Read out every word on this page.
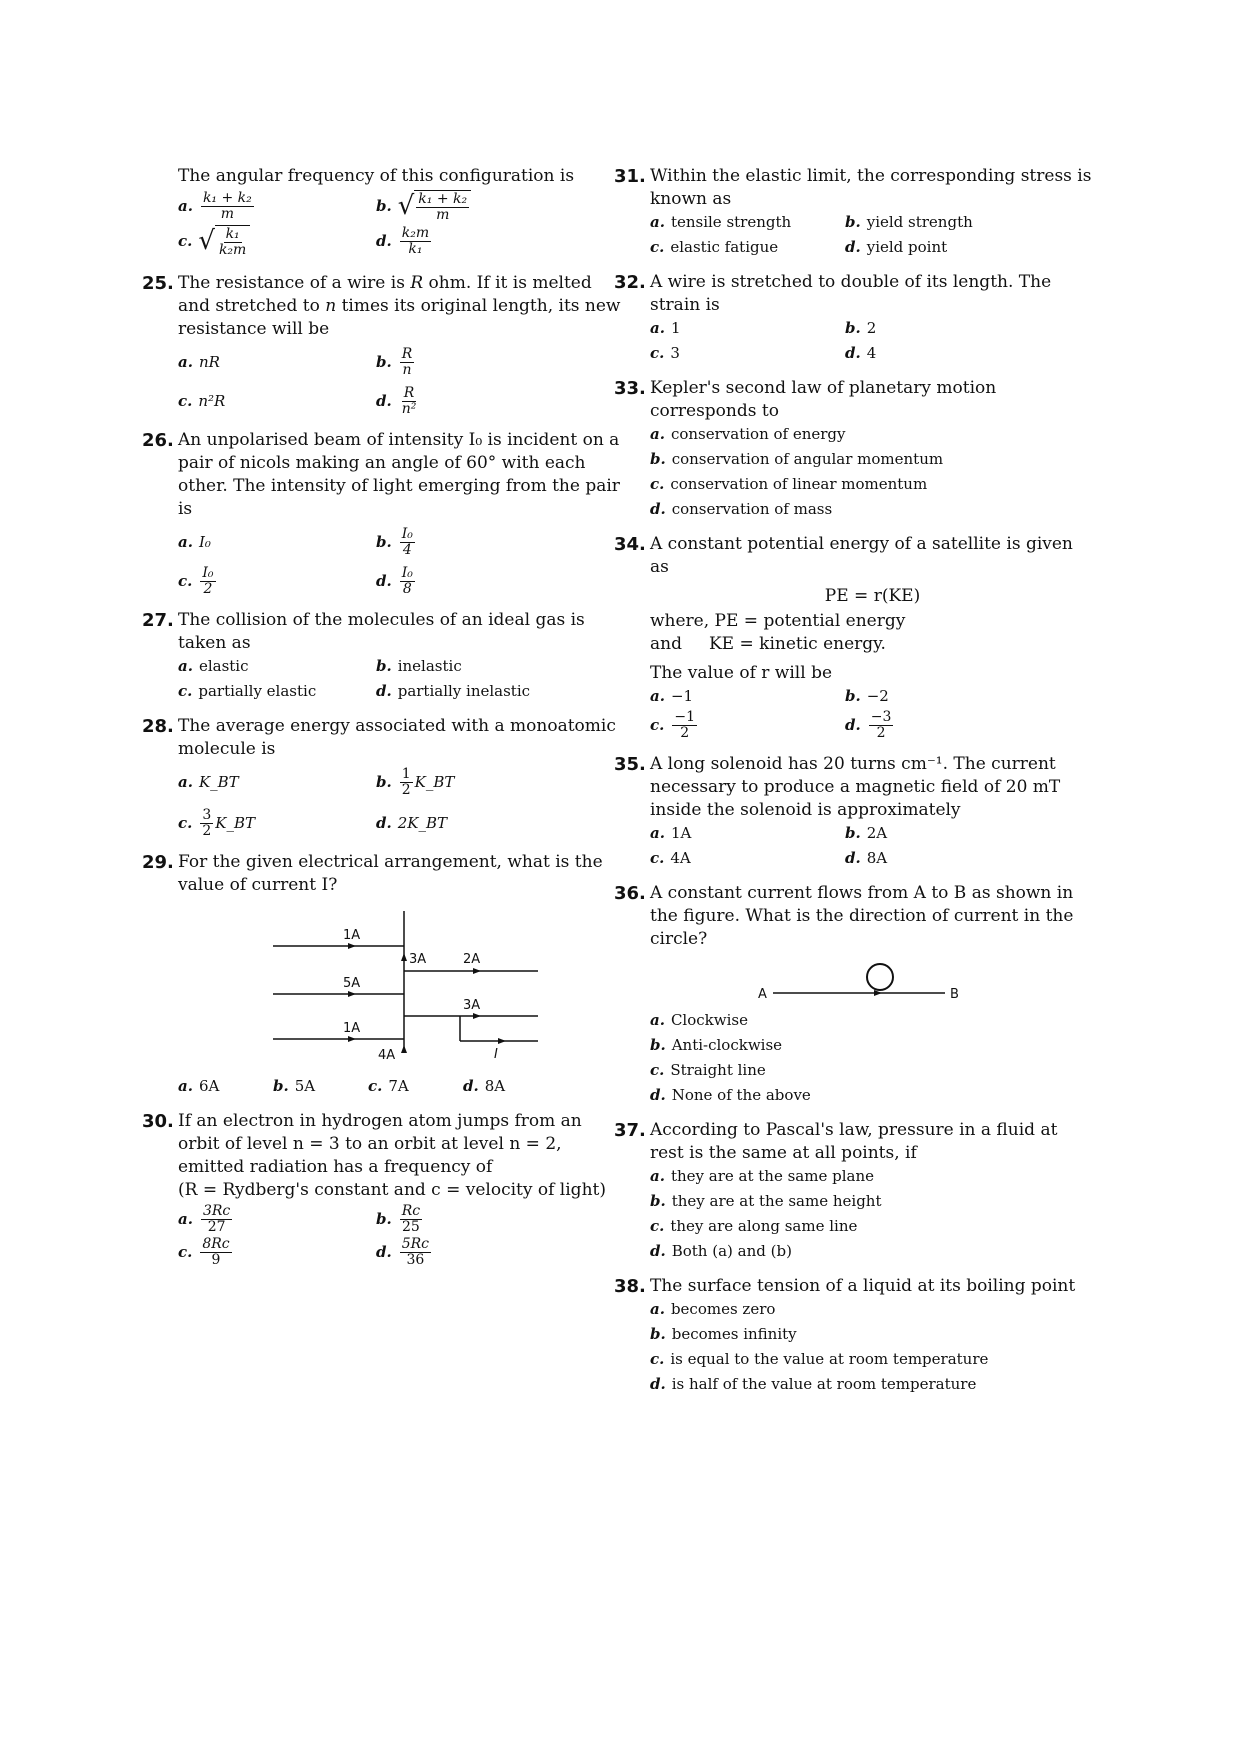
The angular frequency of this configuration is
a. $\frac{\text{k₁ + k₂}}{m}$	b. √ $\frac{\text{k₁ + k₂}}{m}$
c. √ $\frac{\text{k₁}}{\text{k₂m}}$	d. $\frac{\text{k₂m}}{\text{k₁}}$
25. The resistance of a wire is R ohm. If it is melted and stretched to n times its original length, its new resistance will be
a. nR	b. $\frac{R}{n}$
c. n²R	d. $\frac{R}{\text{n²}}$
26. An unpolarised beam of intensity I₀ is incident on a pair of nicols making an angle of 60° with each other. The intensity of light emerging from the pair is
a. I₀	b. $\frac{\text{I₀}}{4}$
c. $\frac{\text{I₀}}{2}$	d. $\frac{\text{I₀}}{8}$
27. The collision of the molecules of an ideal gas is taken as
a. elastic	b. inelastic
c. partially elastic	d. partially inelastic
28. The average energy associated with a monoatomic molecule is
a. K_BT	b. $\frac{1}{2}$ K_BT
c. $\frac{3}{2}$ K_BT	d. 2K_BT
29. For the given electrical arrangement, what is the value of current I?
1A
3A	2A
5A
3A
1A
4A	I
a. 6A	b. 5A	c. 7A	d. 8A
30. If an electron in hydrogen atom jumps from an orbit of level n = 3 to an orbit at level n = 2, emitted radiation has a frequency of
(R = Rydberg's constant and c = velocity of light)
a. $\frac{3Rc}{27}$	b. $\frac{Rc}{25}$
c. $\frac{8Rc}{9}$	d. $\frac{5Rc}{36}$
31. Within the elastic limit, the corresponding stress is known as
a. tensile strength	b. yield strength
c. elastic fatigue	d. yield point
32. A wire is stretched to double of its length. The strain is
a. 1	b. 2
c. 3	d. 4
33. Kepler's second law of planetary motion corresponds to
a. conservation of energy
b. conservation of angular momentum
c. conservation of linear momentum
d. conservation of mass
34. A constant potential energy of a satellite is given as
PE = r(KE)
where, PE = potential energy
and     KE = kinetic energy.
The value of r will be
a. −1	b. −2
c. $\frac{-1}{2}$	d. $\frac{-3}{2}$
35. A long solenoid has 20 turns cm⁻¹. The current necessary to produce a magnetic field of 20 mT inside the solenoid is approximately
a. 1A	b. 2A
c. 4A	d. 8A
36. A constant current flows from A to B as shown in the figure. What is the direction of current in the circle?
A	B
a. Clockwise
b. Anti-clockwise
c. Straight line
d. None of the above
37. According to Pascal's law, pressure in a fluid at rest is the same at all points, if
a. they are at the same plane
b. they are at the same height
c. they are along same line
d. Both (a) and (b)
38. The surface tension of a liquid at its boiling point
a. becomes zero
b. becomes infinity
c. is equal to the value at room temperature
d. is half of the value at room temperature
